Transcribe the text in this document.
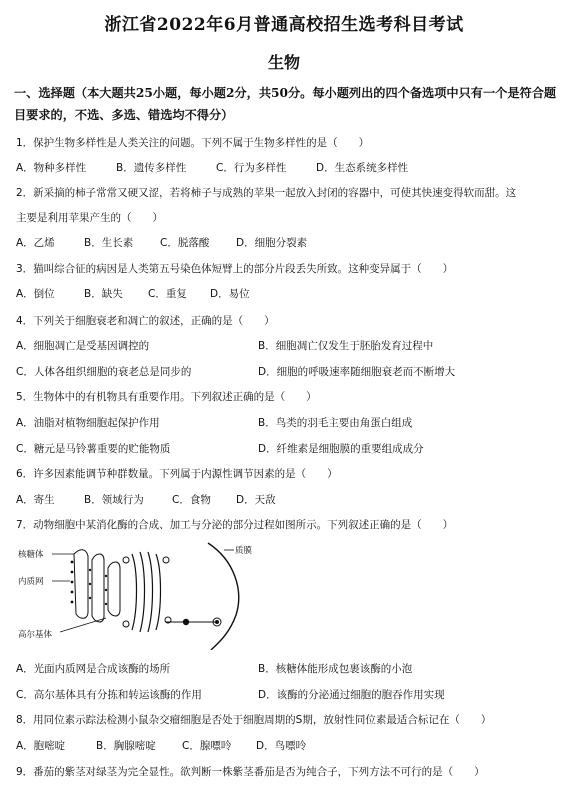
浙江省2022年6月普通高校招生选考科目考试
生物
一、选择题（本大题共25小题，每小题2分，共50分。每小题列出的四个备选项中只有一个是符合题目要求的，不选、多选、错选均不得分）
1．保护生物多样性是人类关注的问题。下列不属于生物多样性的是（　　）
A．物种多样性	B．遗传多样性	C．行为多样性	D．生态系统多样性
2．新采摘的柿子常常又硬又涩，若将柿子与成熟的苹果一起放入封闭的容器中，可使其快速变得软而甜。这
主要是利用苹果产生的（　　）
A．乙烯	B．生长素	C．脱落酸	D．细胞分裂素
3．猫叫综合征的病因是人类第五号染色体短臂上的部分片段丢失所致。这种变异属于（　　）
A．倒位	B．缺失 C．重复 D．易位
4．下列关于细胞衰老和凋亡的叙述，正确的是（　　）
A．细胞凋亡是受基因调控的	B．细胞凋亡仅发生于胚胎发育过程中
C．人体各组织细胞的衰老总是同步的	D．细胞的呼吸速率随细胞衰老而不断增大
5．生物体中的有机物具有重要作用。下列叙述正确的是（　　）
A．油脂对植物细胞起保护作用	B．鸟类的羽毛主要由角蛋白组成
C．糖元是马铃薯重要的贮能物质	D．纤维素是细胞膜的重要组成成分
6．许多因素能调节种群数量。下列属于内源性调节因素的是（　　）
A．寄生	B．领域行为	C．食物 D．天敌
7．动物细胞中某消化酶的合成、加工与分泌的部分过程如图所示。下列叙述正确的是（　　）
质膜
核糖体
内质网
高尔基体
A．光面内质网是合成该酶的场所	B．核糖体能形成包裹该酶的小泡
C．高尔基体具有分拣和转运该酶的作用	D．该酶的分泌通过细胞的胞吞作用实现
8．用同位素示踪法检测小鼠杂交瘤细胞是否处于细胞周期的S期，放射性同位素最适合标记在（　　）
A．胞嘧啶	B．胸腺嘧啶	C．腺嘌呤 D．鸟嘌呤
9．番茄的紫茎对绿茎为完全显性。欲判断一株紫茎番茄是否为纯合子，下列方法不可行的是（　　）
